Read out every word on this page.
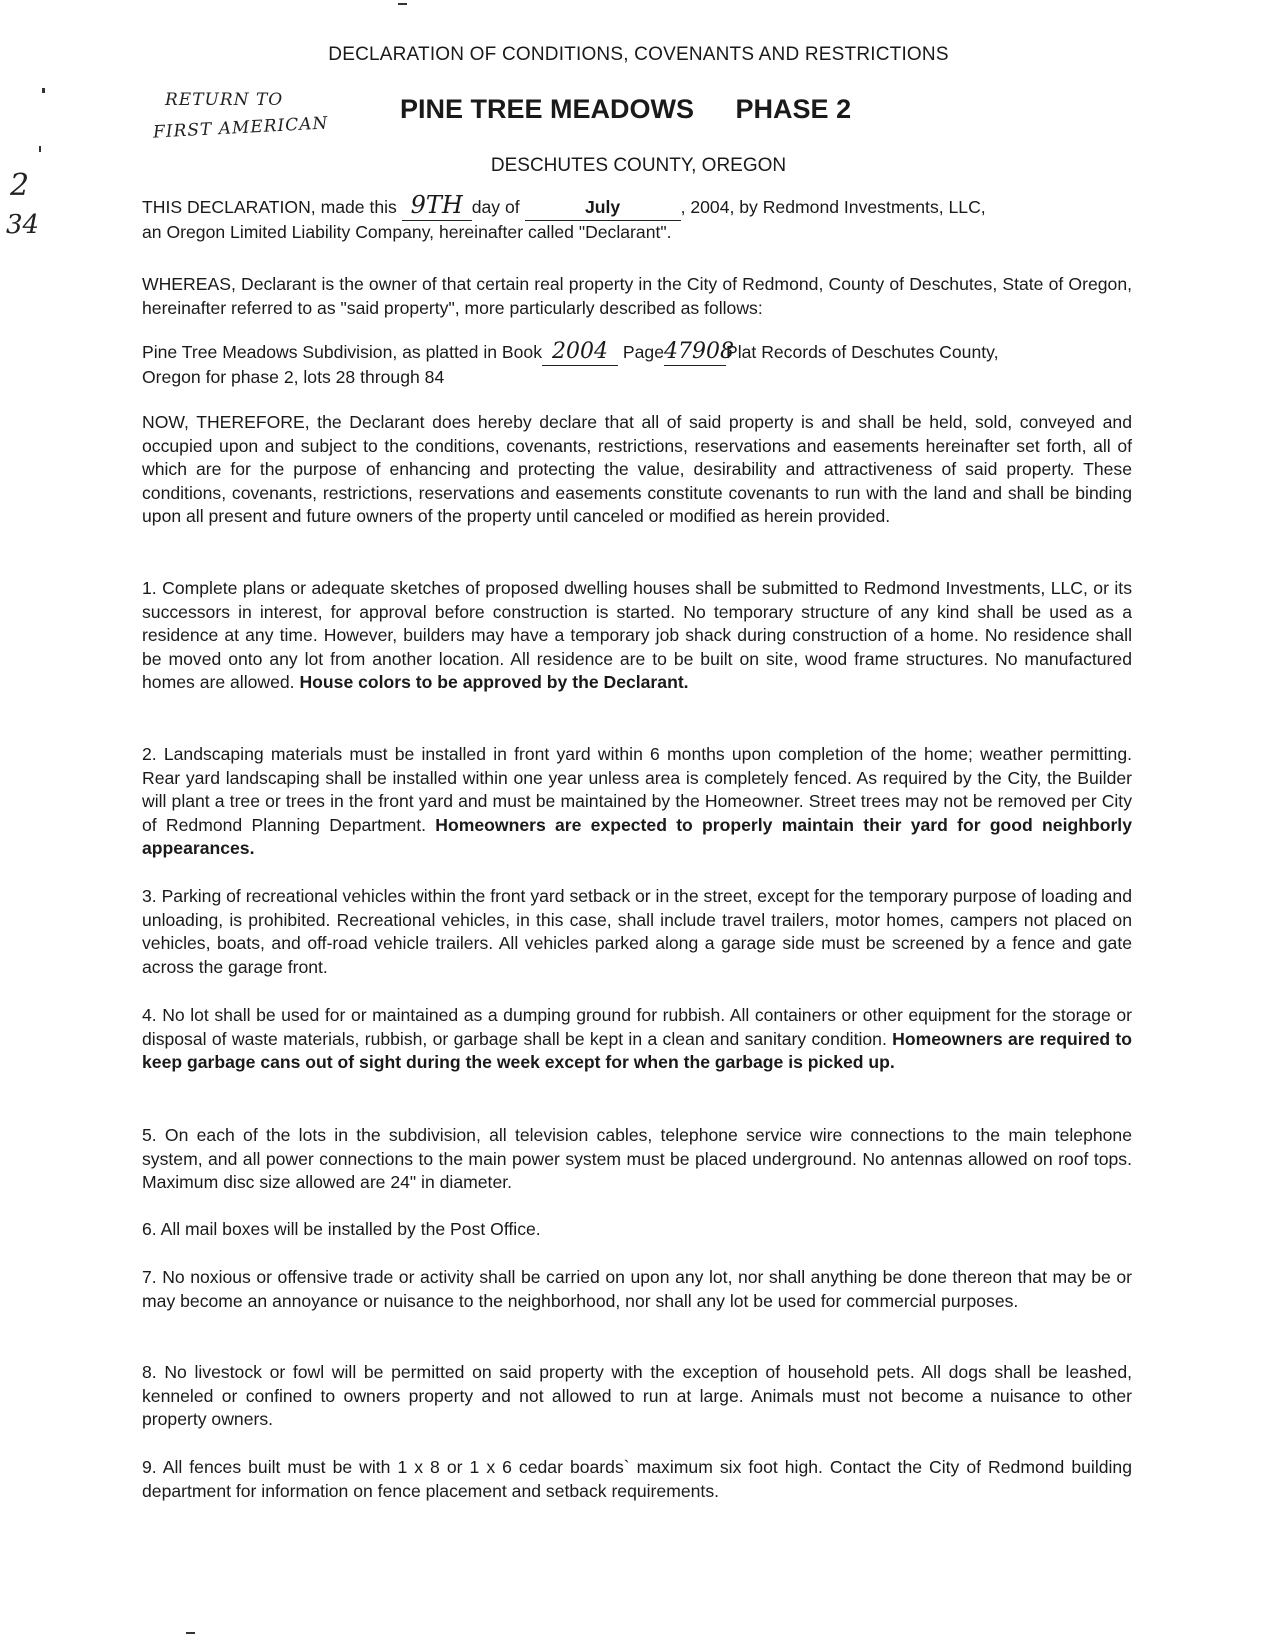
2
34
RETURN TO
FIRST AMERICAN
DECLARATION OF CONDITIONS, COVENANTS AND RESTRICTIONS
PINE TREE MEADOWS PHASE 2
DESCHUTES COUNTY, OREGON

THIS DECLARATION, made this 9TH day of	July	, 2004, by Redmond Investments, LLC,

an Oregon Limited Liability Company, hereinafter called "Declarant".

WHEREAS, Declarant is the owner of that certain real property in the City of Redmond, County of Deschutes, State of Oregon, hereinafter referred to as "said property", more particularly described as follows:

Pine Tree Meadows Subdivision, as platted in Book 2004 Page47908Plat Records of Deschutes County,

Oregon for phase 2, lots 28 through 84

NOW, THEREFORE, the Declarant does hereby declare that all of said property is and shall be held, sold, conveyed and occupied upon and subject to the conditions, covenants, restrictions, reservations and easements hereinafter set forth, all of which are for the purpose of enhancing and protecting the value, desirability and attractiveness of said property. These conditions, covenants, restrictions, reservations and easements constitute covenants to run with the land and shall be binding upon all present and future owners of the property until canceled or modified as herein provided.

1. Complete plans or adequate sketches of proposed dwelling houses shall be submitted to Redmond Investments, LLC, or its successors in interest, for approval before construction is started. No temporary structure of any kind shall be used as a residence at any time. However, builders may have a temporary job shack during construction of a home. No residence shall be moved onto any lot from another location. All residence are to be built on site, wood frame structures. No manufactured homes are allowed. House colors to be approved by the Declarant.

2. Landscaping materials must be installed in front yard within 6 months upon completion of the home; weather permitting. Rear yard landscaping shall be installed within one year unless area is completely fenced. As required by the City, the Builder will plant a tree or trees in the front yard and must be maintained by the Homeowner. Street trees may not be removed per City of Redmond Planning Department. Homeowners are expected to properly maintain their yard for good neighborly appearances.

3. Parking of recreational vehicles within the front yard setback or in the street, except for the temporary purpose of loading and unloading, is prohibited. Recreational vehicles, in this case, shall include travel trailers, motor homes, campers not placed on vehicles, boats, and off-road vehicle trailers. All vehicles parked along a garage side must be screened by a fence and gate across the garage front.

4. No lot shall be used for or maintained as a dumping ground for rubbish. All containers or other equipment for the storage or disposal of waste materials, rubbish, or garbage shall be kept in a clean and sanitary condition. Homeowners are required to keep garbage cans out of sight during the week except for when the garbage is picked up.

5. On each of the lots in the subdivision, all television cables, telephone service wire connections to the main telephone system, and all power connections to the main power system must be placed underground. No antennas allowed on roof tops. Maximum disc size allowed are 24" in diameter.

6. All mail boxes will be installed by the Post Office.

7. No noxious or offensive trade or activity shall be carried on upon any lot, nor shall anything be done thereon that may be or may become an annoyance or nuisance to the neighborhood, nor shall any lot be used for commercial purposes.

8. No livestock or fowl will be permitted on said property with the exception of household pets. All dogs shall be leashed, kenneled or confined to owners property and not allowed to run at large. Animals must not become a nuisance to other property owners.

9. All fences built must be with 1 x 8 or 1 x 6 cedar boards` maximum six foot high. Contact the City of Redmond building department for information on fence placement and setback requirements.
